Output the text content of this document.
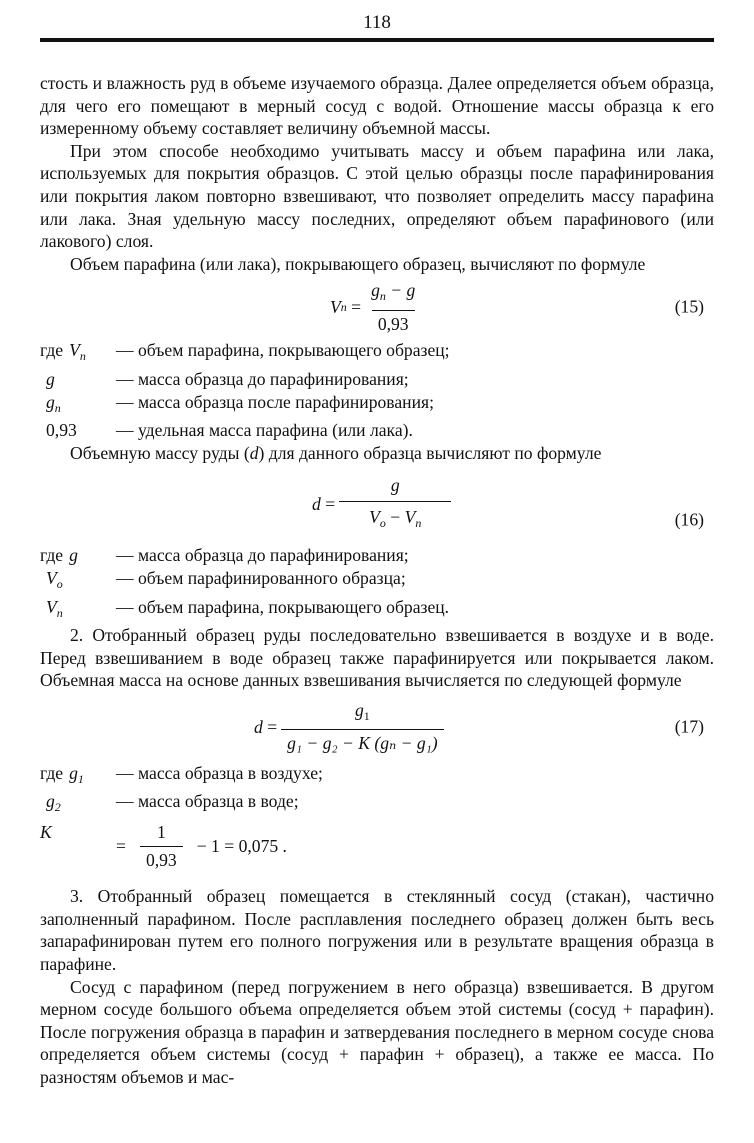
118

стость и влажность руд в объеме изучаемого образца. Далее определяется объем образца, для чего его помещают в мерный сосуд с водой. Отношение массы образца к его измеренному объему составляет величину объемной массы.

При этом способе необходимо учитывать массу и объем парафина или лака, используемых для покрытия образцов. С этой целью образцы после парафинирования или покрытия лаком повторно взвешивают, что позволяет определить массу парафина или лака. Зная удельную массу последних, определяют объем парафинового (или лакового) слоя.

Объем парафина (или лака), покрывающего образец, вычисляют по формуле

V $n = \frac{g_n - g}{0,93}$	(15)
где $V_n$	— объем парафина, покрывающего образец;
g	— масса образца до парафинирования;
$g_n$	— масса образца после парафинирования;
0,93	— удельная масса парафина (или лака).

Объемную массу руды (d) для данного образца вычисляют по формуле

$d = \frac{g}{V_o - V_n}$	(16)
где g	— масса образца до парафинирования;
$V_o$	— объем парафинированного образца;
$V_n$	— объем парафина, покрывающего образец.

2. Отобранный образец руды последовательно взвешивается в воздухе и в воде. Перед взвешиванием в воде образец также парафинируется или покрывается лаком. Объемная масса на основе данных взвешивания вычисляется по следующей формуле

$d = \frac{g_1}{\text{g₁ − g₂ − K (gₙ − g₁)}}$	(17)
где $g_1$	— масса образца в воздухе;
$g_2$	— масса образца в воде;
K
= $\frac{1}{0,93} - 1 = 0,075$ .

3. Отобранный образец помещается в стеклянный сосуд (стакан), частично заполненный парафином. После расплавления последнего образец должен быть весь запарафинирован путем его полного погружения или в результате вращения образца в парафине.

Сосуд с парафином (перед погружением в него образца) взвешивается. В другом мерном сосуде большого объема определяется объем этой системы (сосуд + парафин). После погружения образца в парафин и затвердевания последнего в мерном сосуде снова определяется объем системы (сосуд + парафин + образец), а также ее масса. По разностям объемов и мас-
